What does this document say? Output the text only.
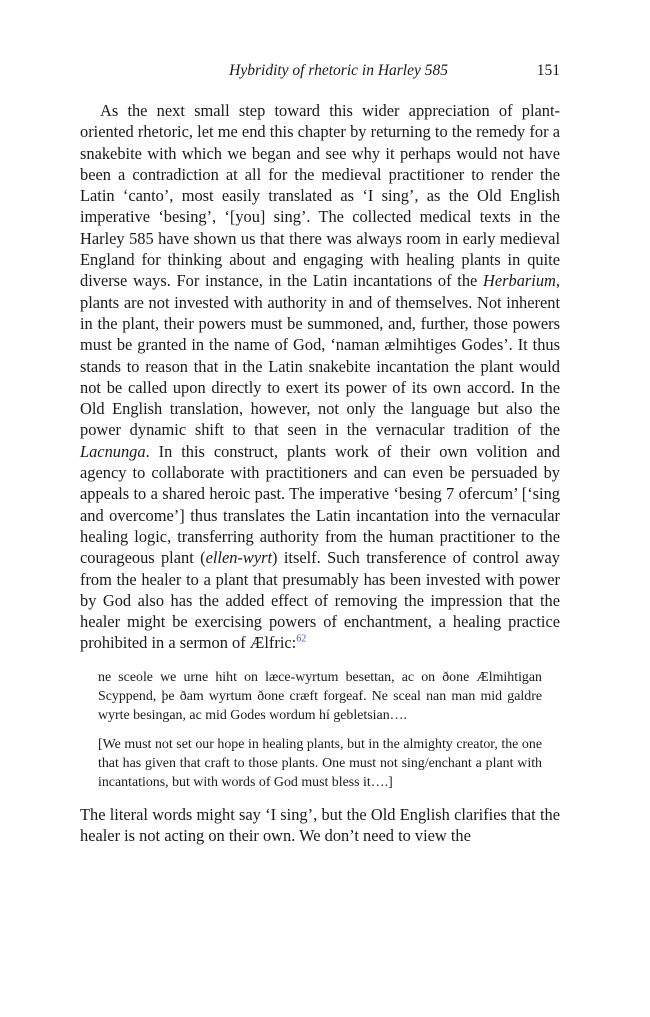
Hybridity of rhetoric in Harley 585	151

As the next small step toward this wider appreciation of plant-oriented rhetoric, let me end this chapter by returning to the remedy for a snakebite with which we began and see why it perhaps would not have been a contradiction at all for the medieval practitioner to render the Latin ‘canto’, most easily translated as ‘I sing’, as the Old English imperative ‘besing’, ‘[you] sing’. The collected medical texts in the Harley 585 have shown us that there was always room in early medieval England for thinking about and engaging with healing plants in quite diverse ways. For instance, in the Latin incantations of the Herbarium, plants are not invested with authority in and of themselves. Not inherent in the plant, their powers must be summoned, and, further, those powers must be granted in the name of God, ‘naman ælmihtiges Godes’. It thus stands to reason that in the Latin snakebite incantation the plant would not be called upon directly to exert its power of its own accord. In the Old English translation, however, not only the language but also the power dynamic shift to that seen in the vernacular tradition of the Lacnunga. In this construct, plants work of their own volition and agency to collaborate with practitioners and can even be persuaded by appeals to a shared heroic past. The imperative ‘besing 7 ofercum’ [‘sing and overcome’] thus translates the Latin incantation into the vernacular healing logic, transferring authority from the human practitioner to the courageous plant (ellen-wyrt) itself. Such transference of control away from the healer to a plant that presumably has been invested with power by God also has the added effect of removing the impression that the healer might be exercising powers of enchantment, a healing practice prohibited in a sermon of Ælfric:$^{62}$

ne sceole we urne hiht on læce-wyrtum besettan, ac on ðone Ælmihtigan Scyppend, þe ðam wyrtum ðone cræft forgeaf. Ne sceal nan man mid galdre wyrte besingan, ac mid Godes wordum hí gebletsian….

[We must not set our hope in healing plants, but in the almighty creator, the one that has given that craft to those plants. One must not sing/enchant a plant with incantations, but with words of God must bless it….]

The literal words might say ‘I sing’, but the Old English clarifies that the healer is not acting on their own. We don’t need to view the
